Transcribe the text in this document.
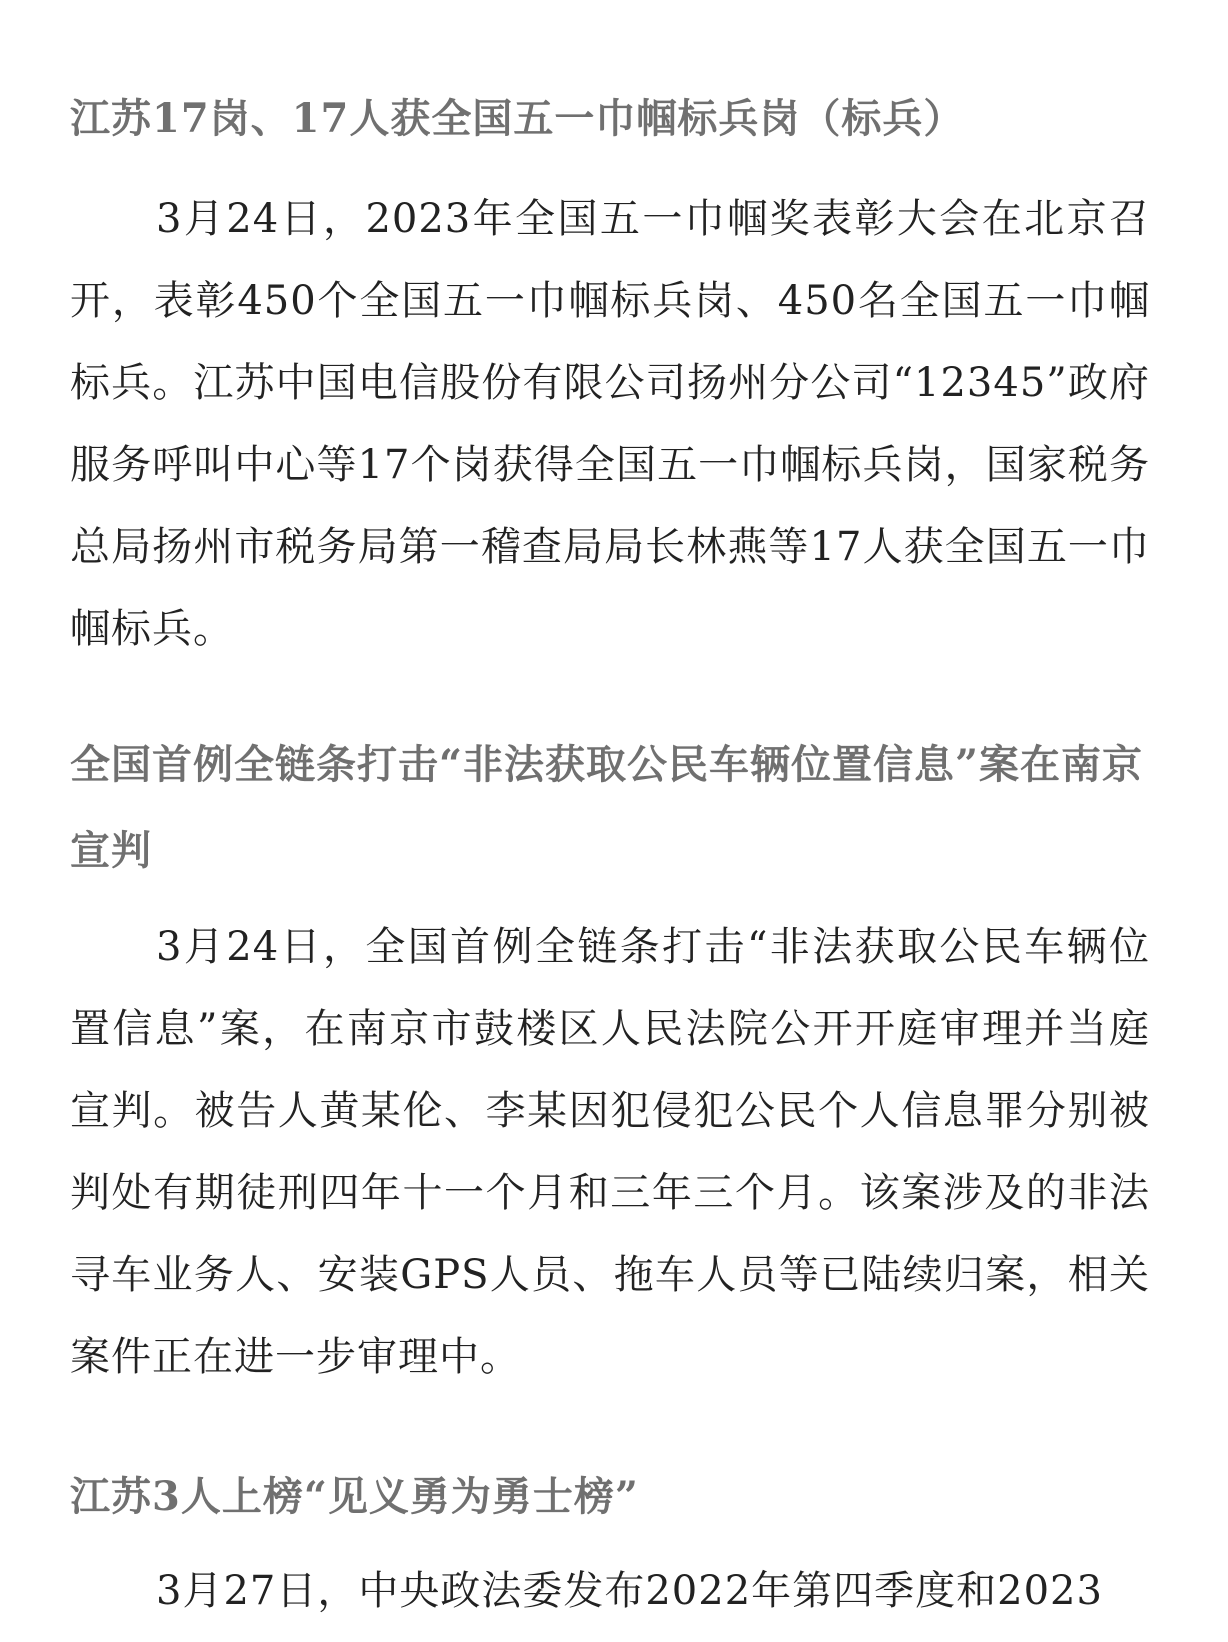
江苏17岗、17人获全国五一巾帼标兵岗（标兵）

3月24日，2023年全国五一巾帼奖表彰大会在北京召开，表彰450个全国五一巾帼标兵岗、450名全国五一巾帼标兵。江苏中国电信股份有限公司扬州分公司“12345”政府服务呼叫中心等17个岗获得全国五一巾帼标兵岗，国家税务总局扬州市税务局第一稽查局局长林燕等17人获全国五一巾帼标兵。

全国首例全链条打击“非法获取公民车辆位置信息”案在南京宣判

3月24日，全国首例全链条打击“非法获取公民车辆位置信息”案，在南京市鼓楼区人民法院公开开庭审理并当庭宣判。被告人黄某伦、李某因犯侵犯公民个人信息罪分别被判处有期徒刑四年十一个月和三年三个月。该案涉及的非法寻车业务人、安装GPS人员、拖车人员等已陆续归案，相关案件正在进一步审理中。

江苏3人上榜“见义勇为勇士榜”

3月27日，中央政法委发布2022年第四季度和2023
